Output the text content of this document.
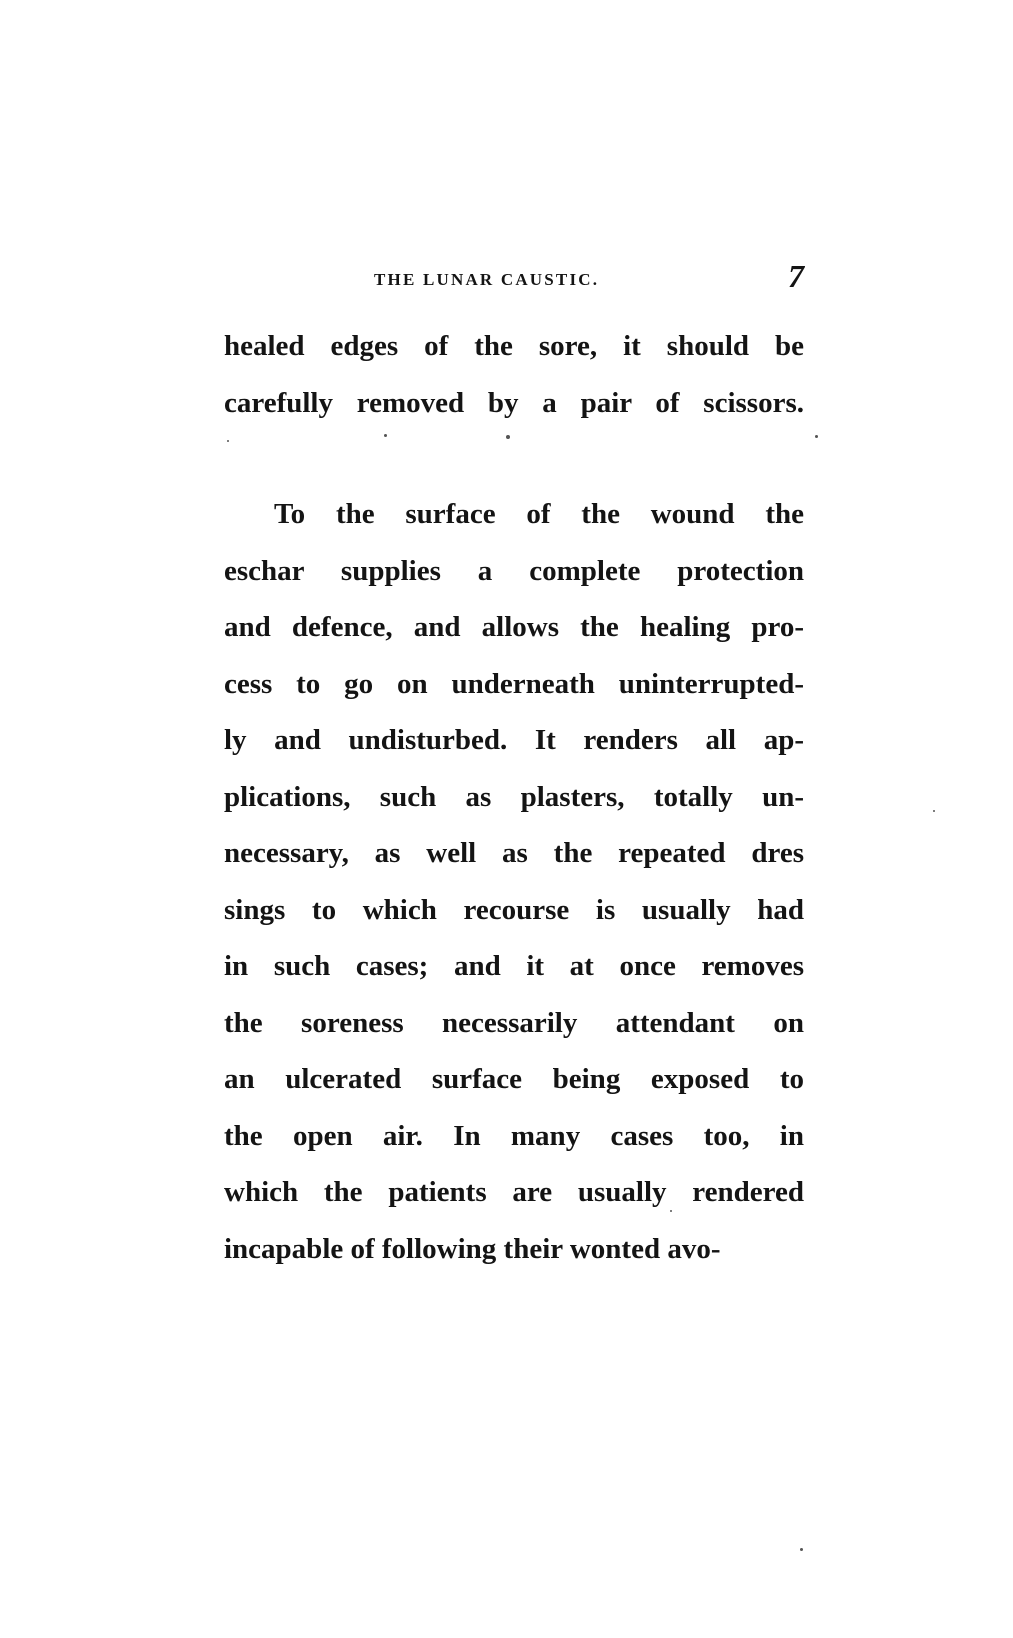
THE LUNAR CAUSTIC.	7
healed edges of the sore, it should be
carefully removed by a pair of scissors.
To the surface of the wound the
eschar supplies a complete protection
and defence, and allows the healing pro-
cess to go on underneath uninterrupted-
ly and undisturbed. It renders all ap-
plications, such as plasters, totally un-
necessary, as well as the repeated dres
sings to which recourse is usually had
in such cases; and it at once removes
the soreness necessarily attendant on
an ulcerated surface being exposed to
the open air. In many cases too, in
which the patients are usually rendered
incapable of following their wonted avo-
